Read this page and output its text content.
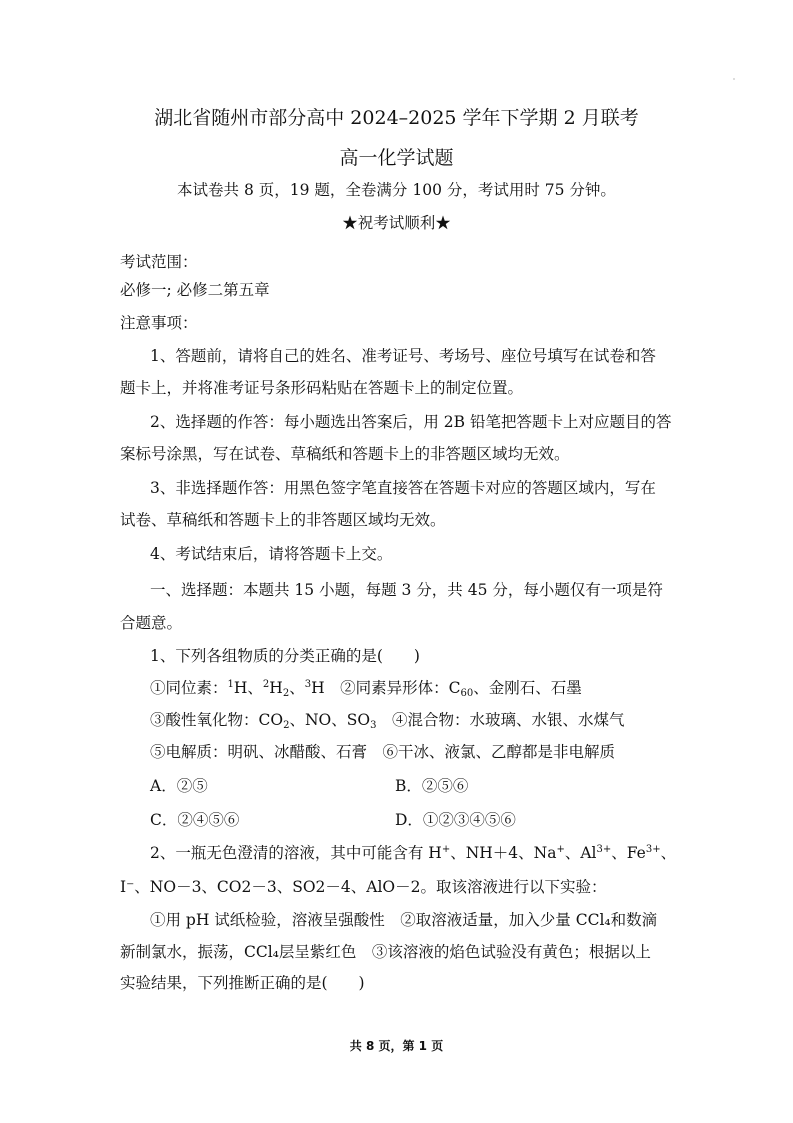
湖北省随州市部分高中 2024–2025 学年下学期 2 月联考
高一化学试题
本试卷共 8 页，19 题，全卷满分 100 分，考试用时 75 分钟。
★祝考试顺利★
考试范围：
必修一; 必修二第五章
注意事项：
1、答题前，请将自己的姓名、准考证号、考场号、座位号填写在试卷和答
题卡上，并将准考证号条形码粘贴在答题卡上的制定位置。
2、选择题的作答：每小题选出答案后，用 2B 铅笔把答题卡上对应题目的答
案标号涂黑，写在试卷、草稿纸和答题卡上的非答题区域均无效。
3、非选择题作答：用黑色签字笔直接答在答题卡对应的答题区域内，写在
试卷、草稿纸和答题卡上的非答题区域均无效。
4、考试结束后，请将答题卡上交。
一、选择题：本题共 15 小题，每题 3 分，共 45 分，每小题仅有一项是符
合题意。
1、下列各组物质的分类正确的是(　　)
①同位素：$^1$H、$^2H_2$、$^3$H　②同素异形体：$C_{60}$、金刚石、石墨
③酸性氧化物：$CO_2$、NO、$SO_3$　④混合物：水玻璃、水银、水煤气
⑤电解质：明矾、冰醋酸、石膏　⑥干冰、液氯、乙醇都是非电解质
A．②⑤	B．②⑤⑥
C．②④⑤⑥	D．①②③④⑤⑥
2、一瓶无色澄清的溶液，其中可能含有 H+、NH＋4、Na+、$Al^{3+}$、$Fe^{3+}$、
I⁻、NO－3、CO2－3、SO2－4、AlO－2。取该溶液进行以下实验：
①用 pH 试纸检验，溶液呈强酸性　②取溶液适量，加入少量 CCl₄和数滴
新制氯水，振荡，CCl₄层呈紫红色　③该溶液的焰色试验没有黄色；根据以上
实验结果，下列推断正确的是(　　)
共 8 页，第 1 页
